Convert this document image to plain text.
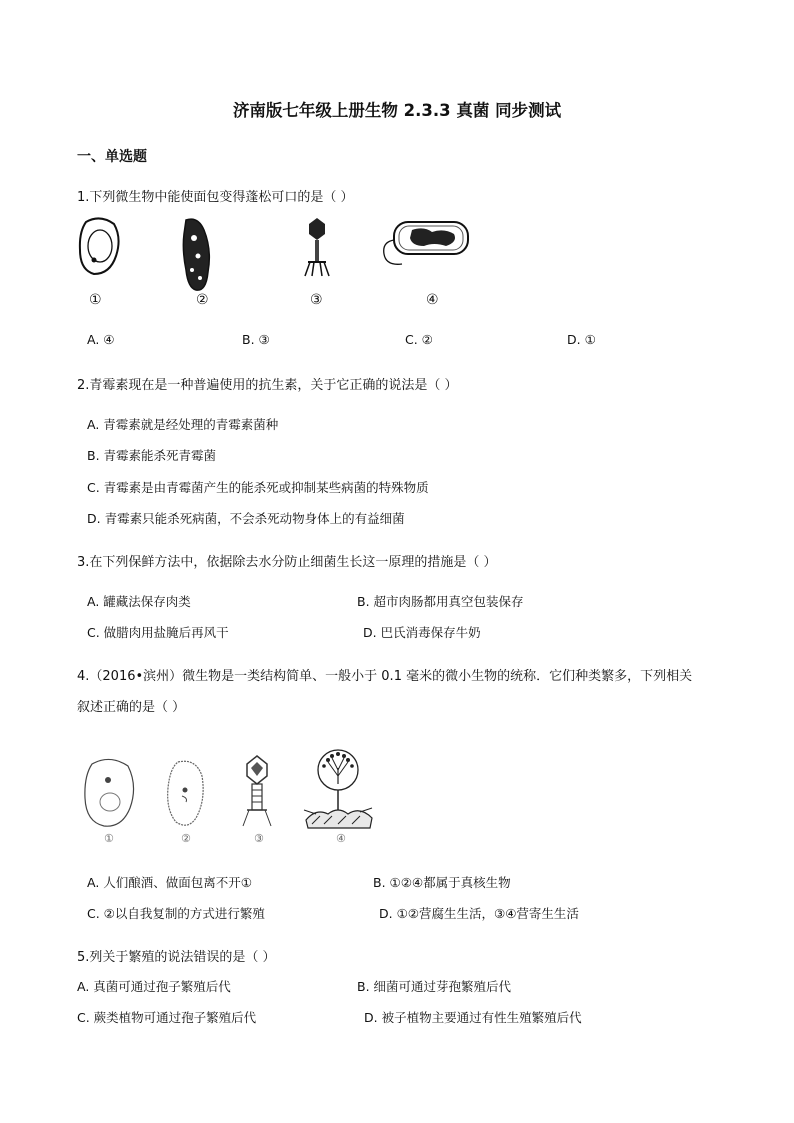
济南版七年级上册生物 2.3.3 真菌 同步测试
一、单选题
1.下列微生物中能使面包变得蓬松可口的是（ ）
①	②	③	④
A. ④	B. ③	C. ②	D. ①
2.青霉素现在是一种普遍使用的抗生素，关于它正确的说法是（ ）
A. 青霉素就是经处理的青霉素菌种
B. 青霉素能杀死青霉菌
C. 青霉素是由青霉菌产生的能杀死或抑制某些病菌的特殊物质
D. 青霉素只能杀死病菌，不会杀死动物身体上的有益细菌
3.在下列保鲜方法中，依据除去水分防止细菌生长这一原理的措施是（ ）
A. 罐藏法保存肉类	B. 超市肉肠都用真空包装保存
C. 做腊肉用盐腌后再风干	D. 巴氏消毒保存牛奶
4.（2016•滨州）微生物是一类结构简单、一般小于 0.1 毫米的微小生物的统称．它们种类繁多，下列相关
叙述正确的是（ ）
①	②	③	④
A. 人们酿酒、做面包离不开①	B. ①②④都属于真核生物
C. ②以自我复制的方式进行繁殖	D. ①②营腐生生活，③④营寄生生活
5.列关于繁殖的说法错误的是（ ）
A. 真菌可通过孢子繁殖后代	B. 细菌可通过芽孢繁殖后代
C. 蕨类植物可通过孢子繁殖后代	D. 被子植物主要通过有性生殖繁殖后代
